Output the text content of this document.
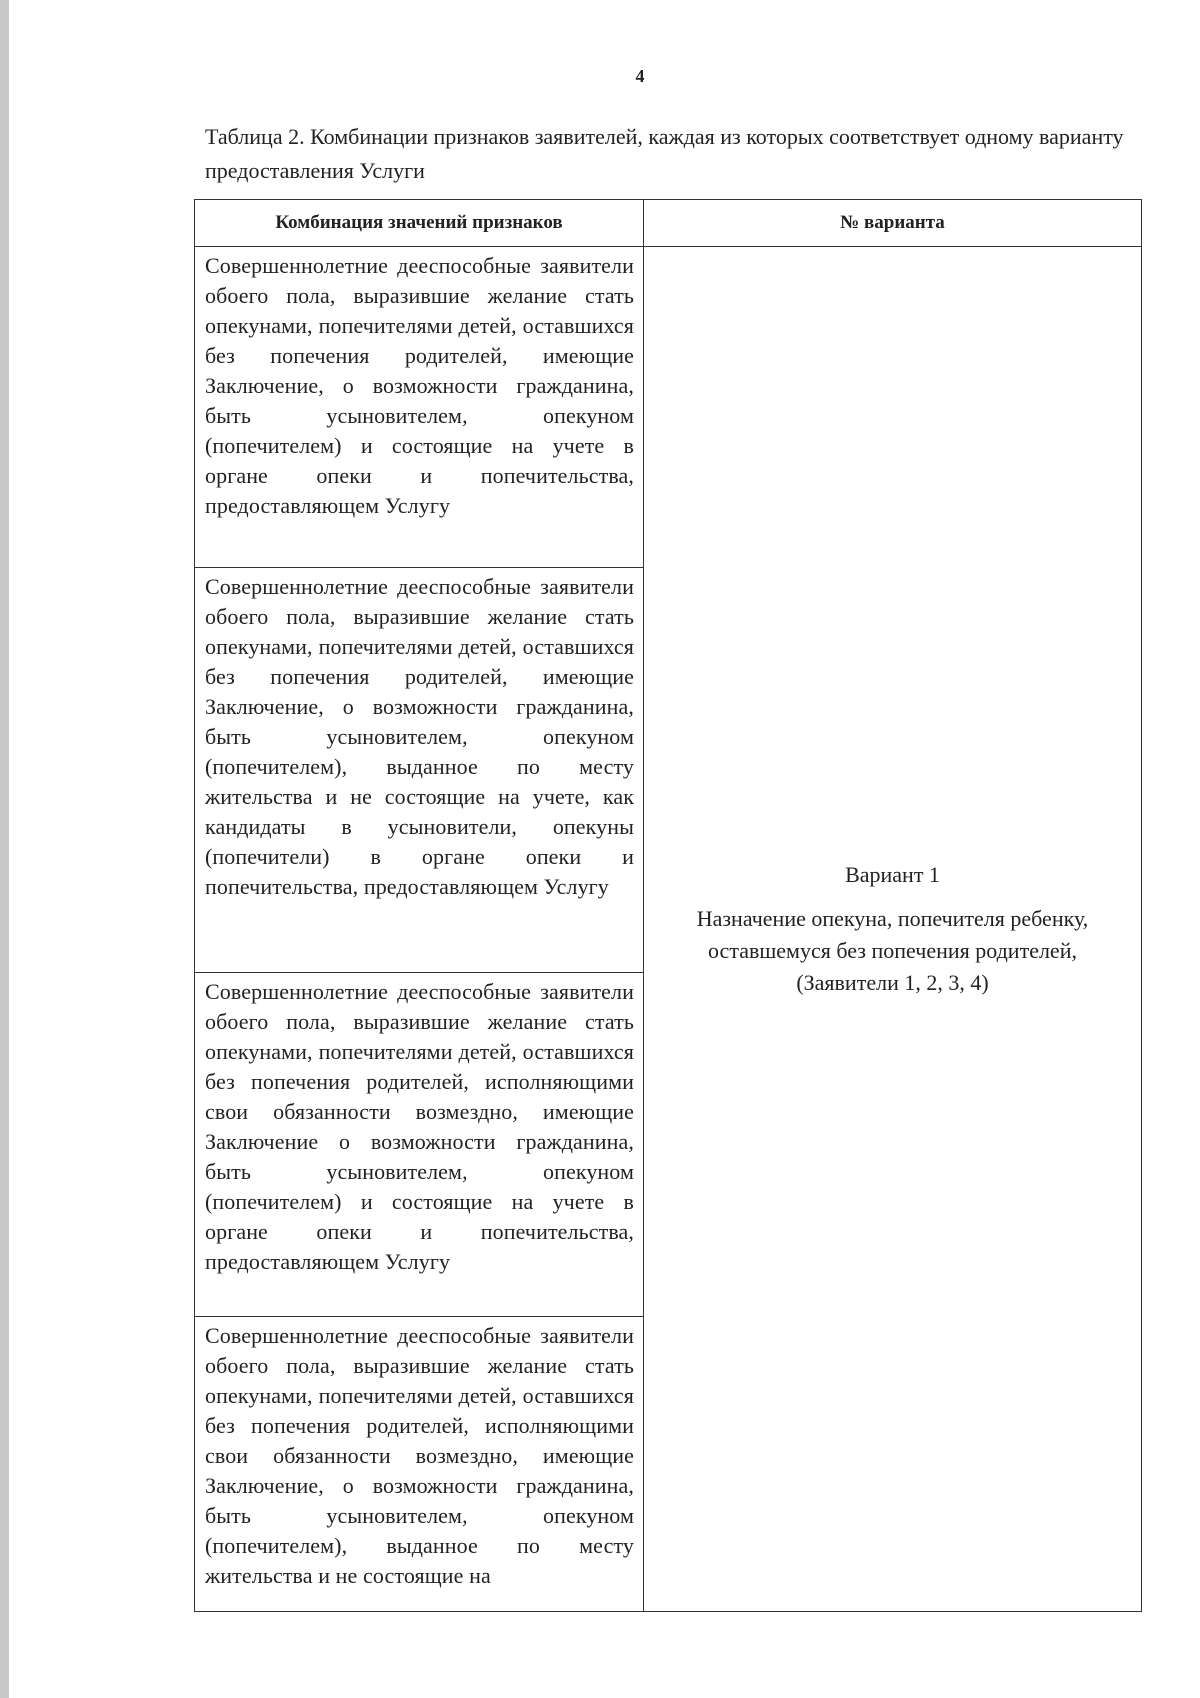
4

Таблица 2. Комбинации признаков заявителей, каждая из которых соответствует одному варианту предоставления Услуги

Комбинация значений признаков	№ варианта
Совершеннолетние дееспособные заявители обоего пола, выразившие желание стать опекунами, попечителями детей, оставшихся без попечения родителей, имеющие Заключение, о возможности гражданина, быть усыновителем, опекуном (попечителем) и состоящие на учете в органе опеки и попечительства, предоставляющем Услугу	Вариант 1
Назначение опекуна, попечителя ребенку, оставшемуся без попечения родителей, (Заявители 1, 2, 3, 4)

Совершеннолетние дееспособные заявители обоего пола, выразившие желание стать опекунами, попечителями детей, оставшихся без попечения родителей, имеющие Заключение, о возможности гражданина, быть усыновителем, опекуном (попечителем), выданное по месту жительства и не состоящие на учете, как кандидаты в усыновители, опекуны (попечители) в органе опеки и попечительства, предоставляющем Услугу	
Совершеннолетние дееспособные заявители обоего пола, выразившие желание стать опекунами, попечителями детей, оставшихся без попечения родителей, исполняющими свои обязанности возмездно, имеющие Заключение о возможности гражданина, быть усыновителем, опекуном (попечителем) и состоящие на учете в органе опеки и попечительства, предоставляющем Услугу	
Совершеннолетние дееспособные заявители обоего пола, выразившие желание стать опекунами, попечителями детей, оставшихся без попечения родителей, исполняющими свои обязанности возмездно, имеющие Заключение, о возможности гражданина, быть усыновителем, опекуном (попечителем), выданное по месту жительства и не состоящие на	
